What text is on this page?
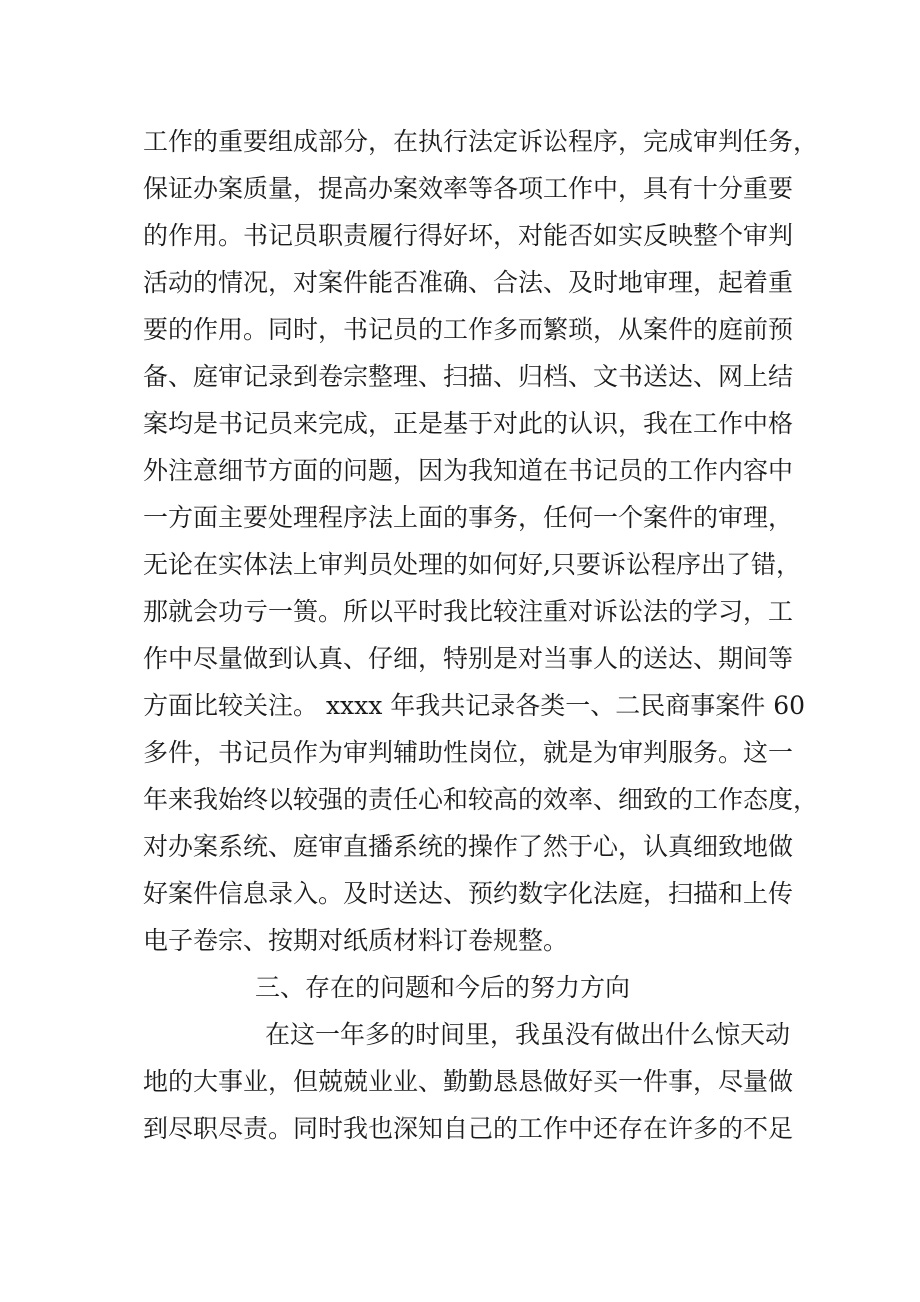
工作的重要组成部分，在执行法定诉讼程序，完成审判任务，
保证办案质量，提高办案效率等各项工作中，具有十分重要
的作用。书记员职责履行得好坏，对能否如实反映整个审判
活动的情况，对案件能否准确、合法、及时地审理，起着重
要的作用。同时，书记员的工作多而繁琐，从案件的庭前预
备、庭审记录到卷宗整理、扫描、归档、文书送达、网上结
案均是书记员来完成，正是基于对此的认识，我在工作中格
外注意细节方面的问题，因为我知道在书记员的工作内容中
一方面主要处理程序法上面的事务，任何一个案件的审理，
无论在实体法上审判员处理的如何好,只要诉讼程序出了错，
那就会功亏一篑。所以平时我比较注重对诉讼法的学习，工
作中尽量做到认真、仔细，特别是对当事人的送达、期间等
方面比较关注。 xxxx 年我共记录各类一、二民商事案件 60
多件，书记员作为审判辅助性岗位，就是为审判服务。这一
年来我始终以较强的责任心和较高的效率、细致的工作态度，
对办案系统、庭审直播系统的操作了然于心，认真细致地做
好案件信息录入。及时送达、预约数字化法庭，扫描和上传
电子卷宗、按期对纸质材料订卷规整。
三、存在的问题和今后的努力方向
在这一年多的时间里，我虽没有做出什么惊天动
地的大事业，但兢兢业业、勤勤恳恳做好买一件事，尽量做
到尽职尽责。同时我也深知自己的工作中还存在许多的不足
